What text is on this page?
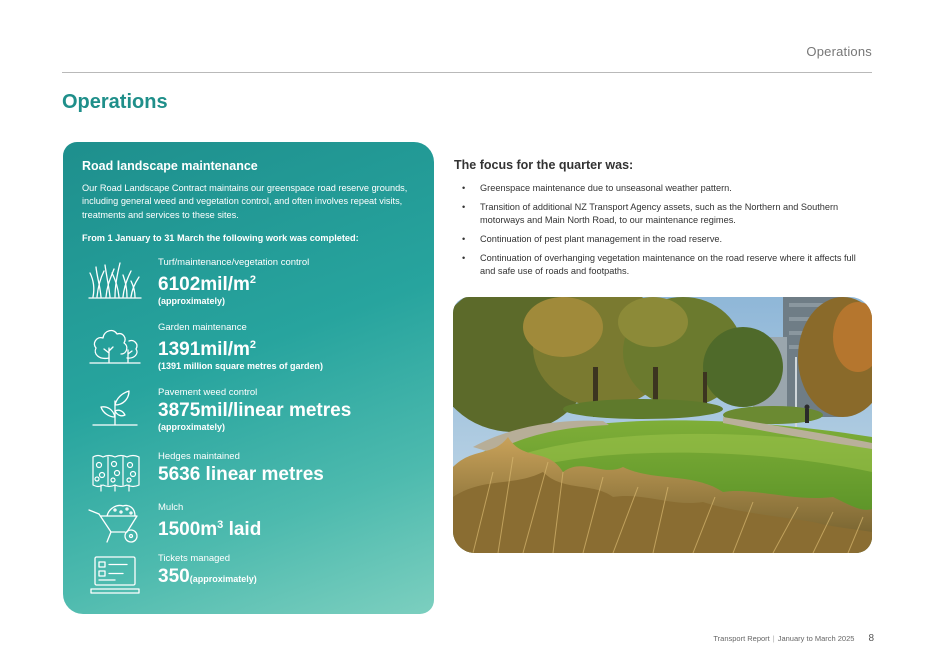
Operations
Operations
Road landscape maintenance
Our Road Landscape Contract maintains our greenspace road reserve grounds, including general weed and vegetation control, and often involves repeat visits, treatments and services to these sites.
From 1 January to 31 March the following work was completed:
Turf/maintenance/vegetation control
$6102mil/m^2$
(approximately)
Garden maintenance
$1391mil/m^2$
(1391 million square metres of garden)
Pavement weed control
3875mil/linear metres
(approximately)
Hedges maintained
5636 linear metres
Mulch
$1500m^3$ laid
Tickets managed
350(approximately)
The focus for the quarter was:
• Greenspace maintenance due to unseasonal weather pattern.
• Transition of additional NZ Transport Agency assets, such as the Northern and Southern motorways and Main North Road, to our maintenance regimes.
• Continuation of pest plant management in the road reserve.
• Continuation of overhanging vegetation maintenance on the road reserve where it affects full and safe use of roads and footpaths.
Transport Report | January to March 2025 8
